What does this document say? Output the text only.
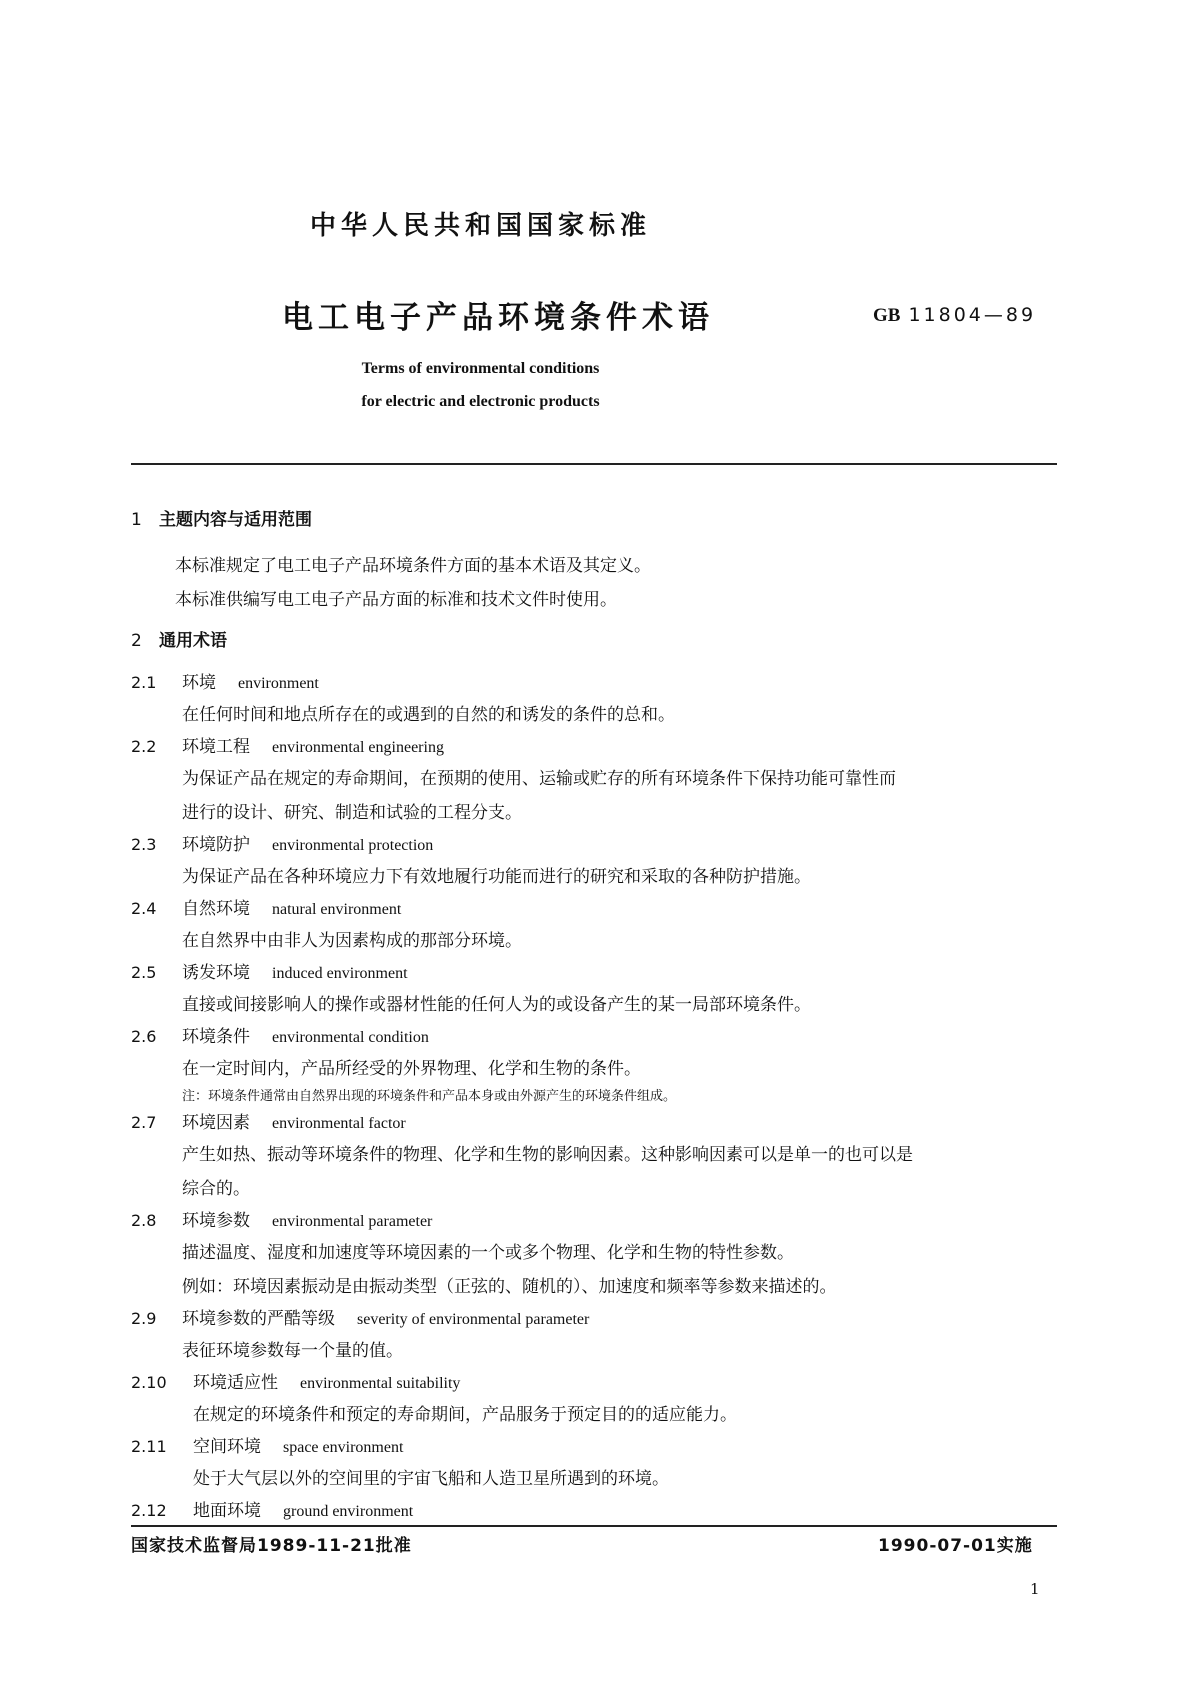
中华人民共和国国家标准
电工电子产品环境条件术语	GB 11804—89
Terms of environmental conditions
for electric and electronic products
1 主题内容与适用范围
本标准规定了电工电子产品环境条件方面的基本术语及其定义。
本标准供编写电工电子产品方面的标准和技术文件时使用。
2 通用术语
2.1 环境 environment
在任何时间和地点所存在的或遇到的自然的和诱发的条件的总和。
2.2 环境工程 environmental engineering
为保证产品在规定的寿命期间，在预期的使用、运输或贮存的所有环境条件下保持功能可靠性而
进行的设计、研究、制造和试验的工程分支。
2.3 环境防护 environmental protection
为保证产品在各种环境应力下有效地履行功能而进行的研究和采取的各种防护措施。
2.4 自然环境 natural environment
在自然界中由非人为因素构成的那部分环境。
2.5 诱发环境 induced environment
直接或间接影响人的操作或器材性能的任何人为的或设备产生的某一局部环境条件。
2.6 环境条件 environmental condition
在一定时间内，产品所经受的外界物理、化学和生物的条件。
注：环境条件通常由自然界出现的环境条件和产品本身或由外源产生的环境条件组成。
2.7 环境因素 environmental factor
产生如热、振动等环境条件的物理、化学和生物的影响因素。这种影响因素可以是单一的也可以是
综合的。
2.8 环境参数 environmental parameter
描述温度、湿度和加速度等环境因素的一个或多个物理、化学和生物的特性参数。
例如：环境因素振动是由振动类型（正弦的、随机的）、加速度和频率等参数来描述的。
2.9 环境参数的严酷等级 severity of environmental parameter
表征环境参数每一个量的值。
2.10 环境适应性 environmental suitability
在规定的环境条件和预定的寿命期间，产品服务于预定目的的适应能力。
2.11 空间环境 space environment
处于大气层以外的空间里的宇宙飞船和人造卫星所遇到的环境。
2.12 地面环境 ground environment
国家技术监督局1989-11-21批准	1990-07-01实施
1
